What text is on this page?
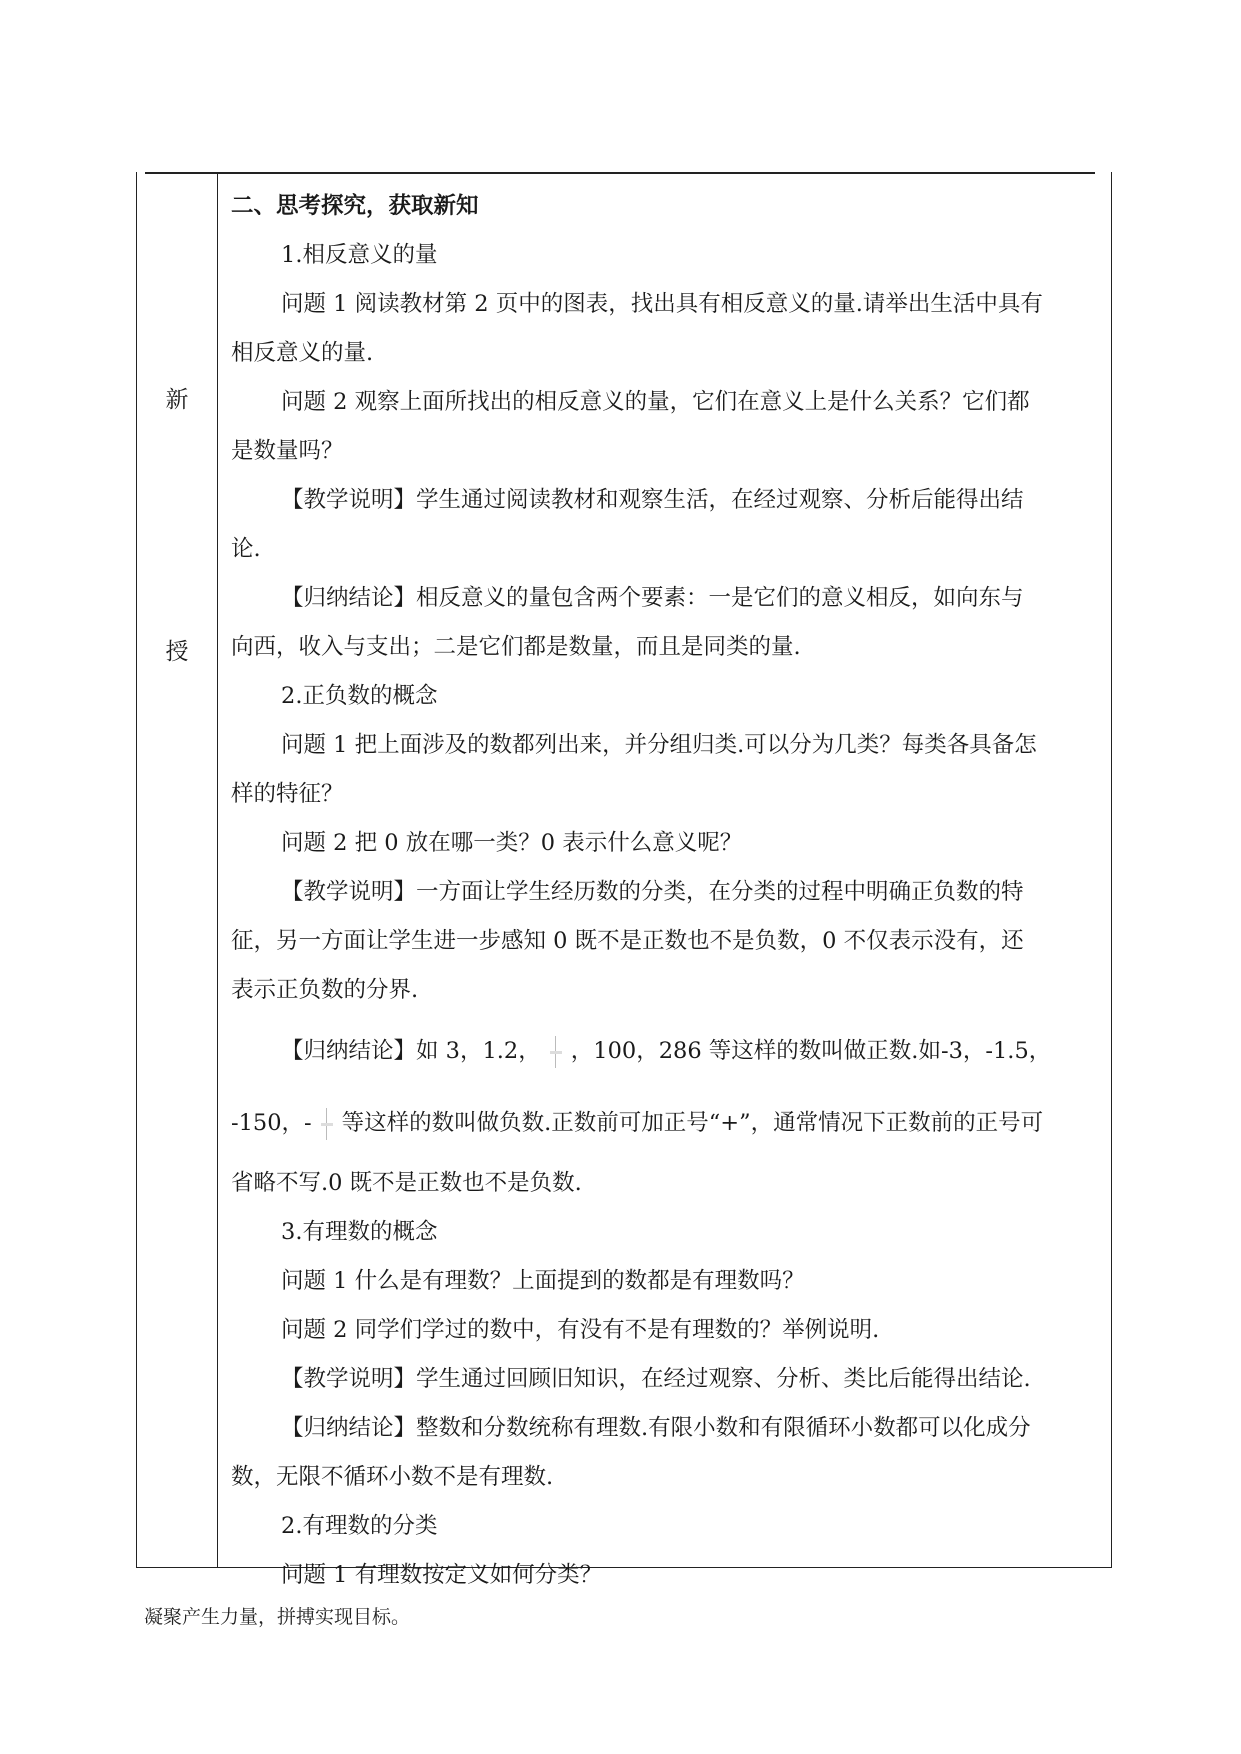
新
授
二、思考探究，获取新知
1.相反意义的量
问题 1 阅读教材第 2 页中的图表，找出具有相反意义的量.请举出生活中具有
相反意义的量.
问题 2 观察上面所找出的相反意义的量，它们在意义上是什么关系？它们都
是数量吗？
【教学说明】学生通过阅读教材和观察生活，在经过观察、分析后能得出结
论.
【归纳结论】相反意义的量包含两个要素：一是它们的意义相反，如向东与
向西，收入与支出；二是它们都是数量，而且是同类的量.
2.正负数的概念
问题 1 把上面涉及的数都列出来，并分组归类.可以分为几类？每类各具备怎
样的特征？
问题 2 把 0 放在哪一类？0 表示什么意义呢？
【教学说明】一方面让学生经历数的分类，在分类的过程中明确正负数的特
征，另一方面让学生进一步感知 0 既不是正数也不是负数，0 不仅表示没有，还
表示正负数的分界.
【归纳结论】如 3，1.2， ，100，286 等这样的数叫做正数.如-3，-1.5，
-150，- 等这样的数叫做负数.正数前可加正号“+”，通常情况下正数前的正号可
省略不写.0 既不是正数也不是负数.
3.有理数的概念
问题 1 什么是有理数？上面提到的数都是有理数吗？
问题 2 同学们学过的数中，有没有不是有理数的？举例说明.
【教学说明】学生通过回顾旧知识，在经过观察、分析、类比后能得出结论.
【归纳结论】整数和分数统称有理数.有限小数和有限循环小数都可以化成分
数，无限不循环小数不是有理数.
2.有理数的分类
问题 1 有理数按定义如何分类？
凝聚产生力量，拼搏实现目标。
